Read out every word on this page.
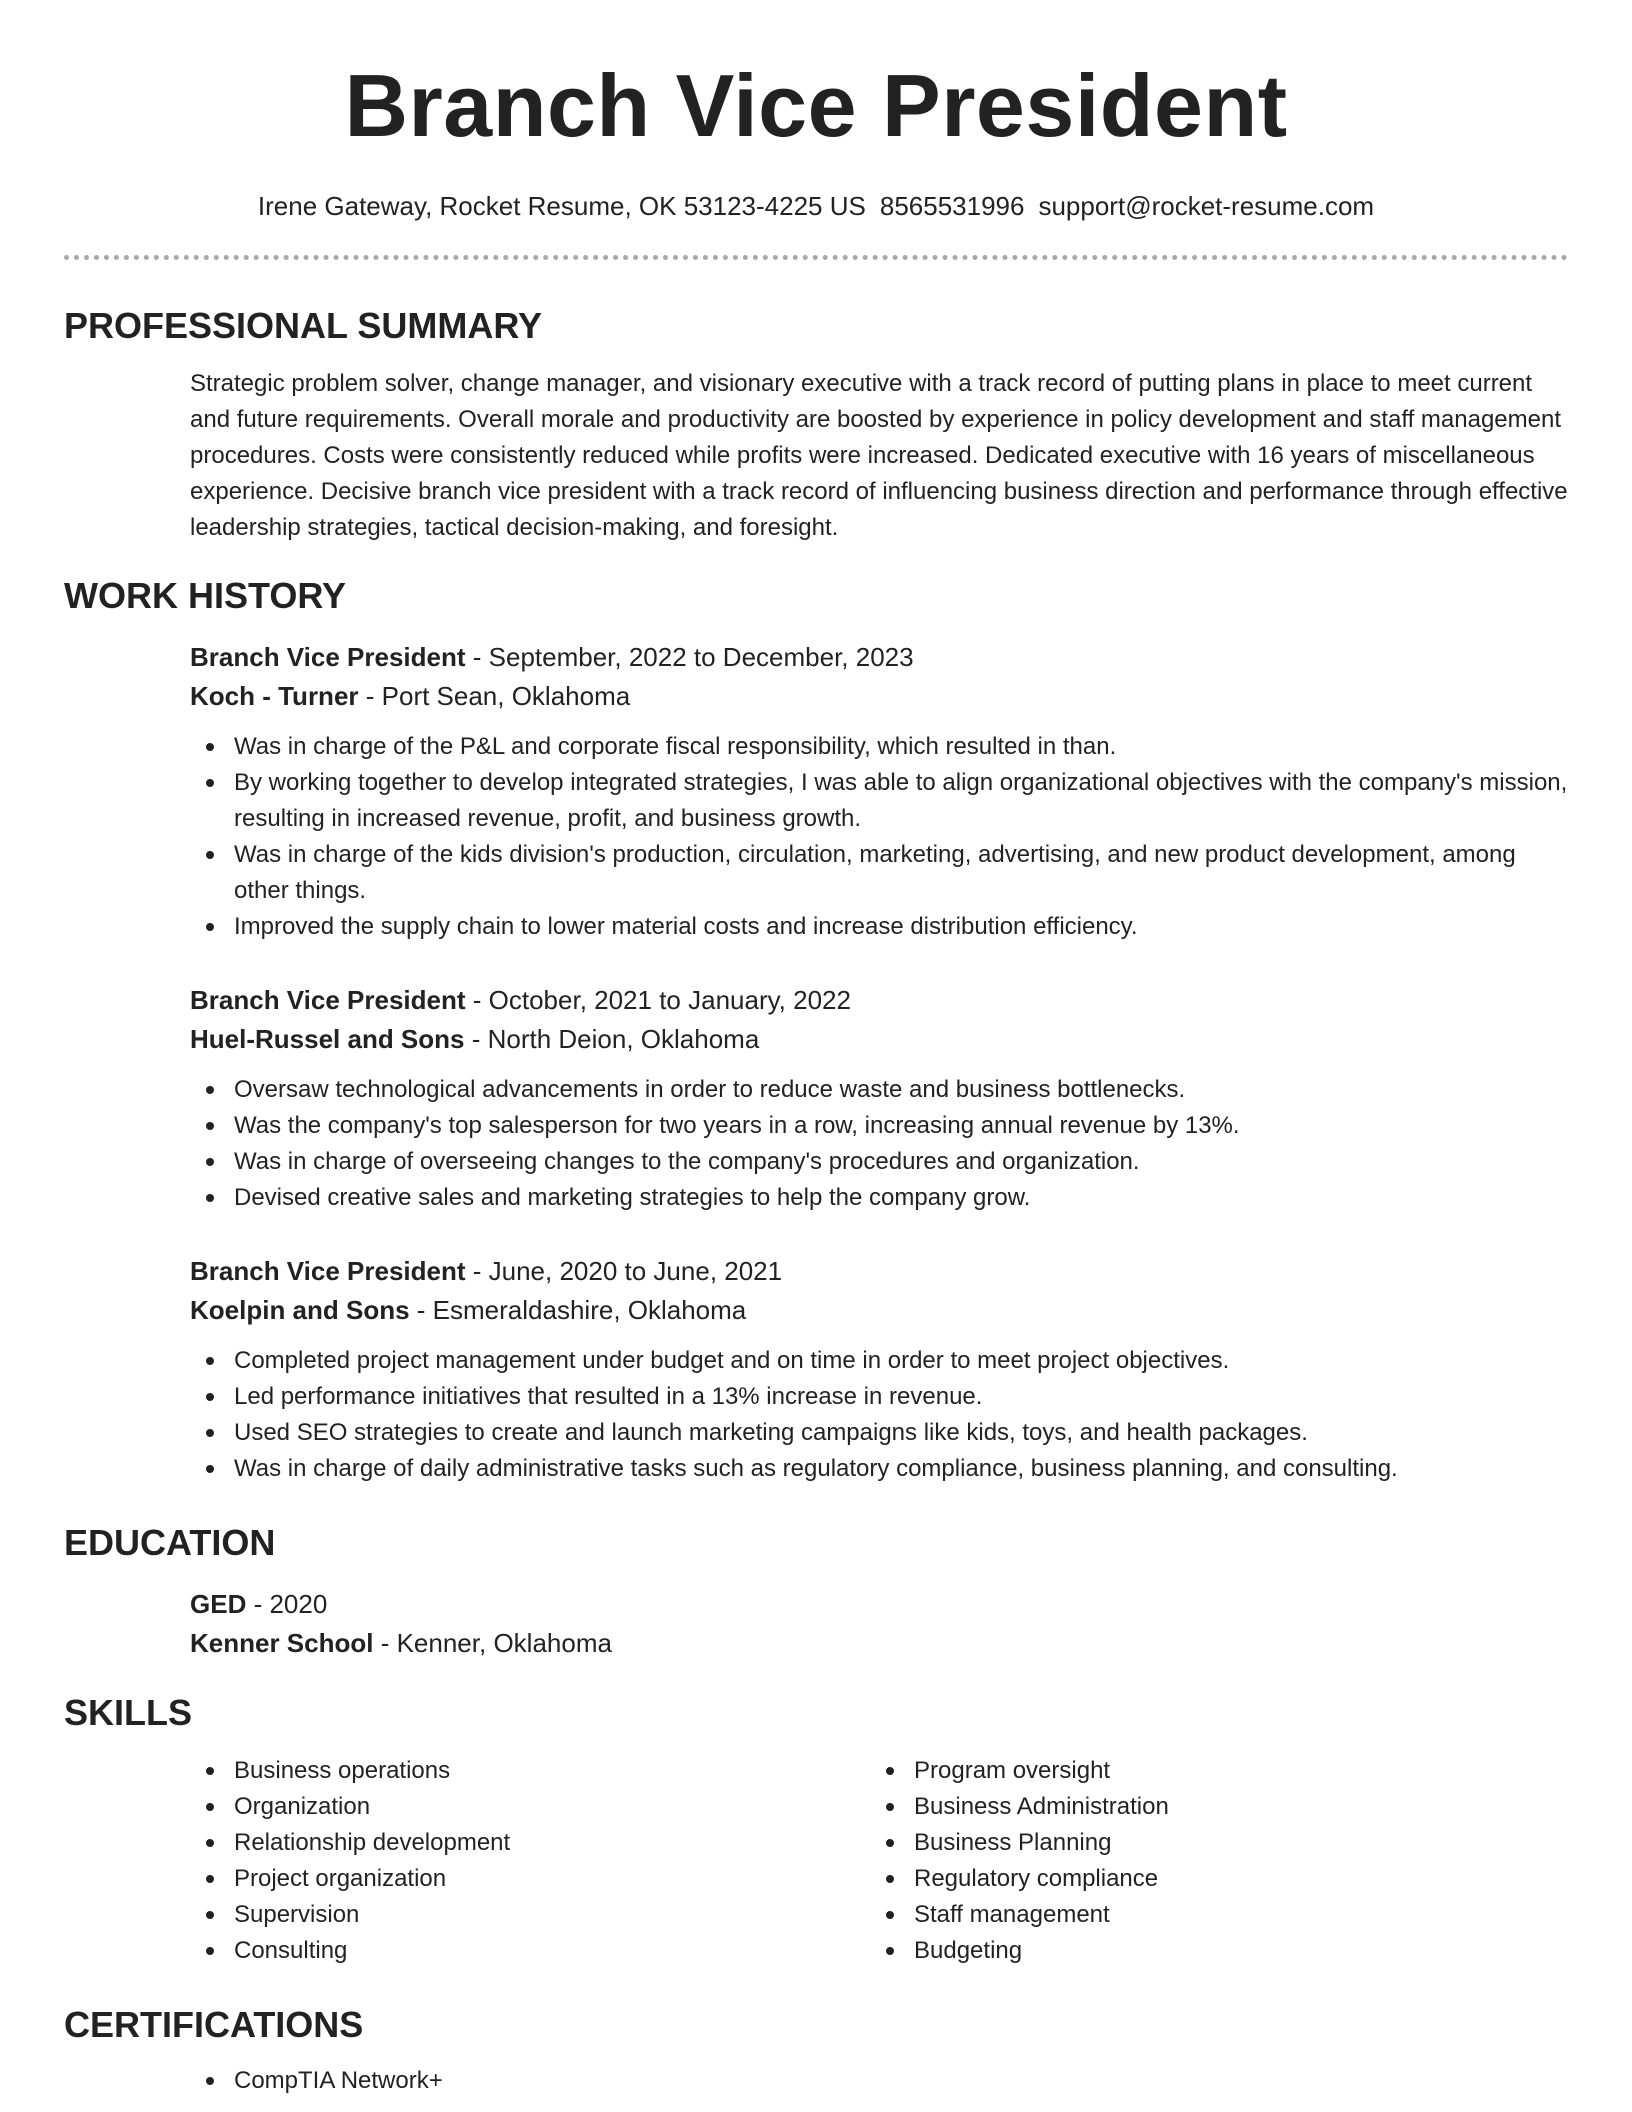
Branch Vice President
Irene Gateway, Rocket Resume, OK 53123-4225 US 8565531996 support@rocket-resume.com
PROFESSIONAL SUMMARY

Strategic problem solver, change manager, and visionary executive with a track record of putting plans in place to meet current and future requirements. Overall morale and productivity are boosted by experience in policy development and staff management procedures. Costs were consistently reduced while profits were increased. Dedicated executive with 16 years of miscellaneous experience. Decisive branch vice president with a track record of influencing business direction and performance through effective leadership strategies, tactical decision-making, and foresight.

WORK HISTORY
Branch Vice President - September, 2022 to December, 2023
Koch - Turner - Port Sean, Oklahoma
Was in charge of the P&L and corporate fiscal responsibility, which resulted in than.
By working together to develop integrated strategies, I was able to align organizational objectives with the company's mission, resulting in increased revenue, profit, and business growth.
Was in charge of the kids division's production, circulation, marketing, advertising, and new product development, among other things.
Improved the supply chain to lower material costs and increase distribution efficiency.
Branch Vice President - October, 2021 to January, 2022
Huel-Russel and Sons - North Deion, Oklahoma
Oversaw technological advancements in order to reduce waste and business bottlenecks.
Was the company's top salesperson for two years in a row, increasing annual revenue by 13%.
Was in charge of overseeing changes to the company's procedures and organization.
Devised creative sales and marketing strategies to help the company grow.
Branch Vice President - June, 2020 to June, 2021
Koelpin and Sons - Esmeraldashire, Oklahoma
Completed project management under budget and on time in order to meet project objectives.
Led performance initiatives that resulted in a 13% increase in revenue.
Used SEO strategies to create and launch marketing campaigns like kids, toys, and health packages.
Was in charge of daily administrative tasks such as regulatory compliance, business planning, and consulting.
EDUCATION
GED - 2020
Kenner School - Kenner, Oklahoma
SKILLS
Business operations
Organization
Relationship development
Project organization
Supervision
Consulting
Program oversight
Business Administration
Business Planning
Regulatory compliance
Staff management
Budgeting
CERTIFICATIONS
CompTIA Network+
